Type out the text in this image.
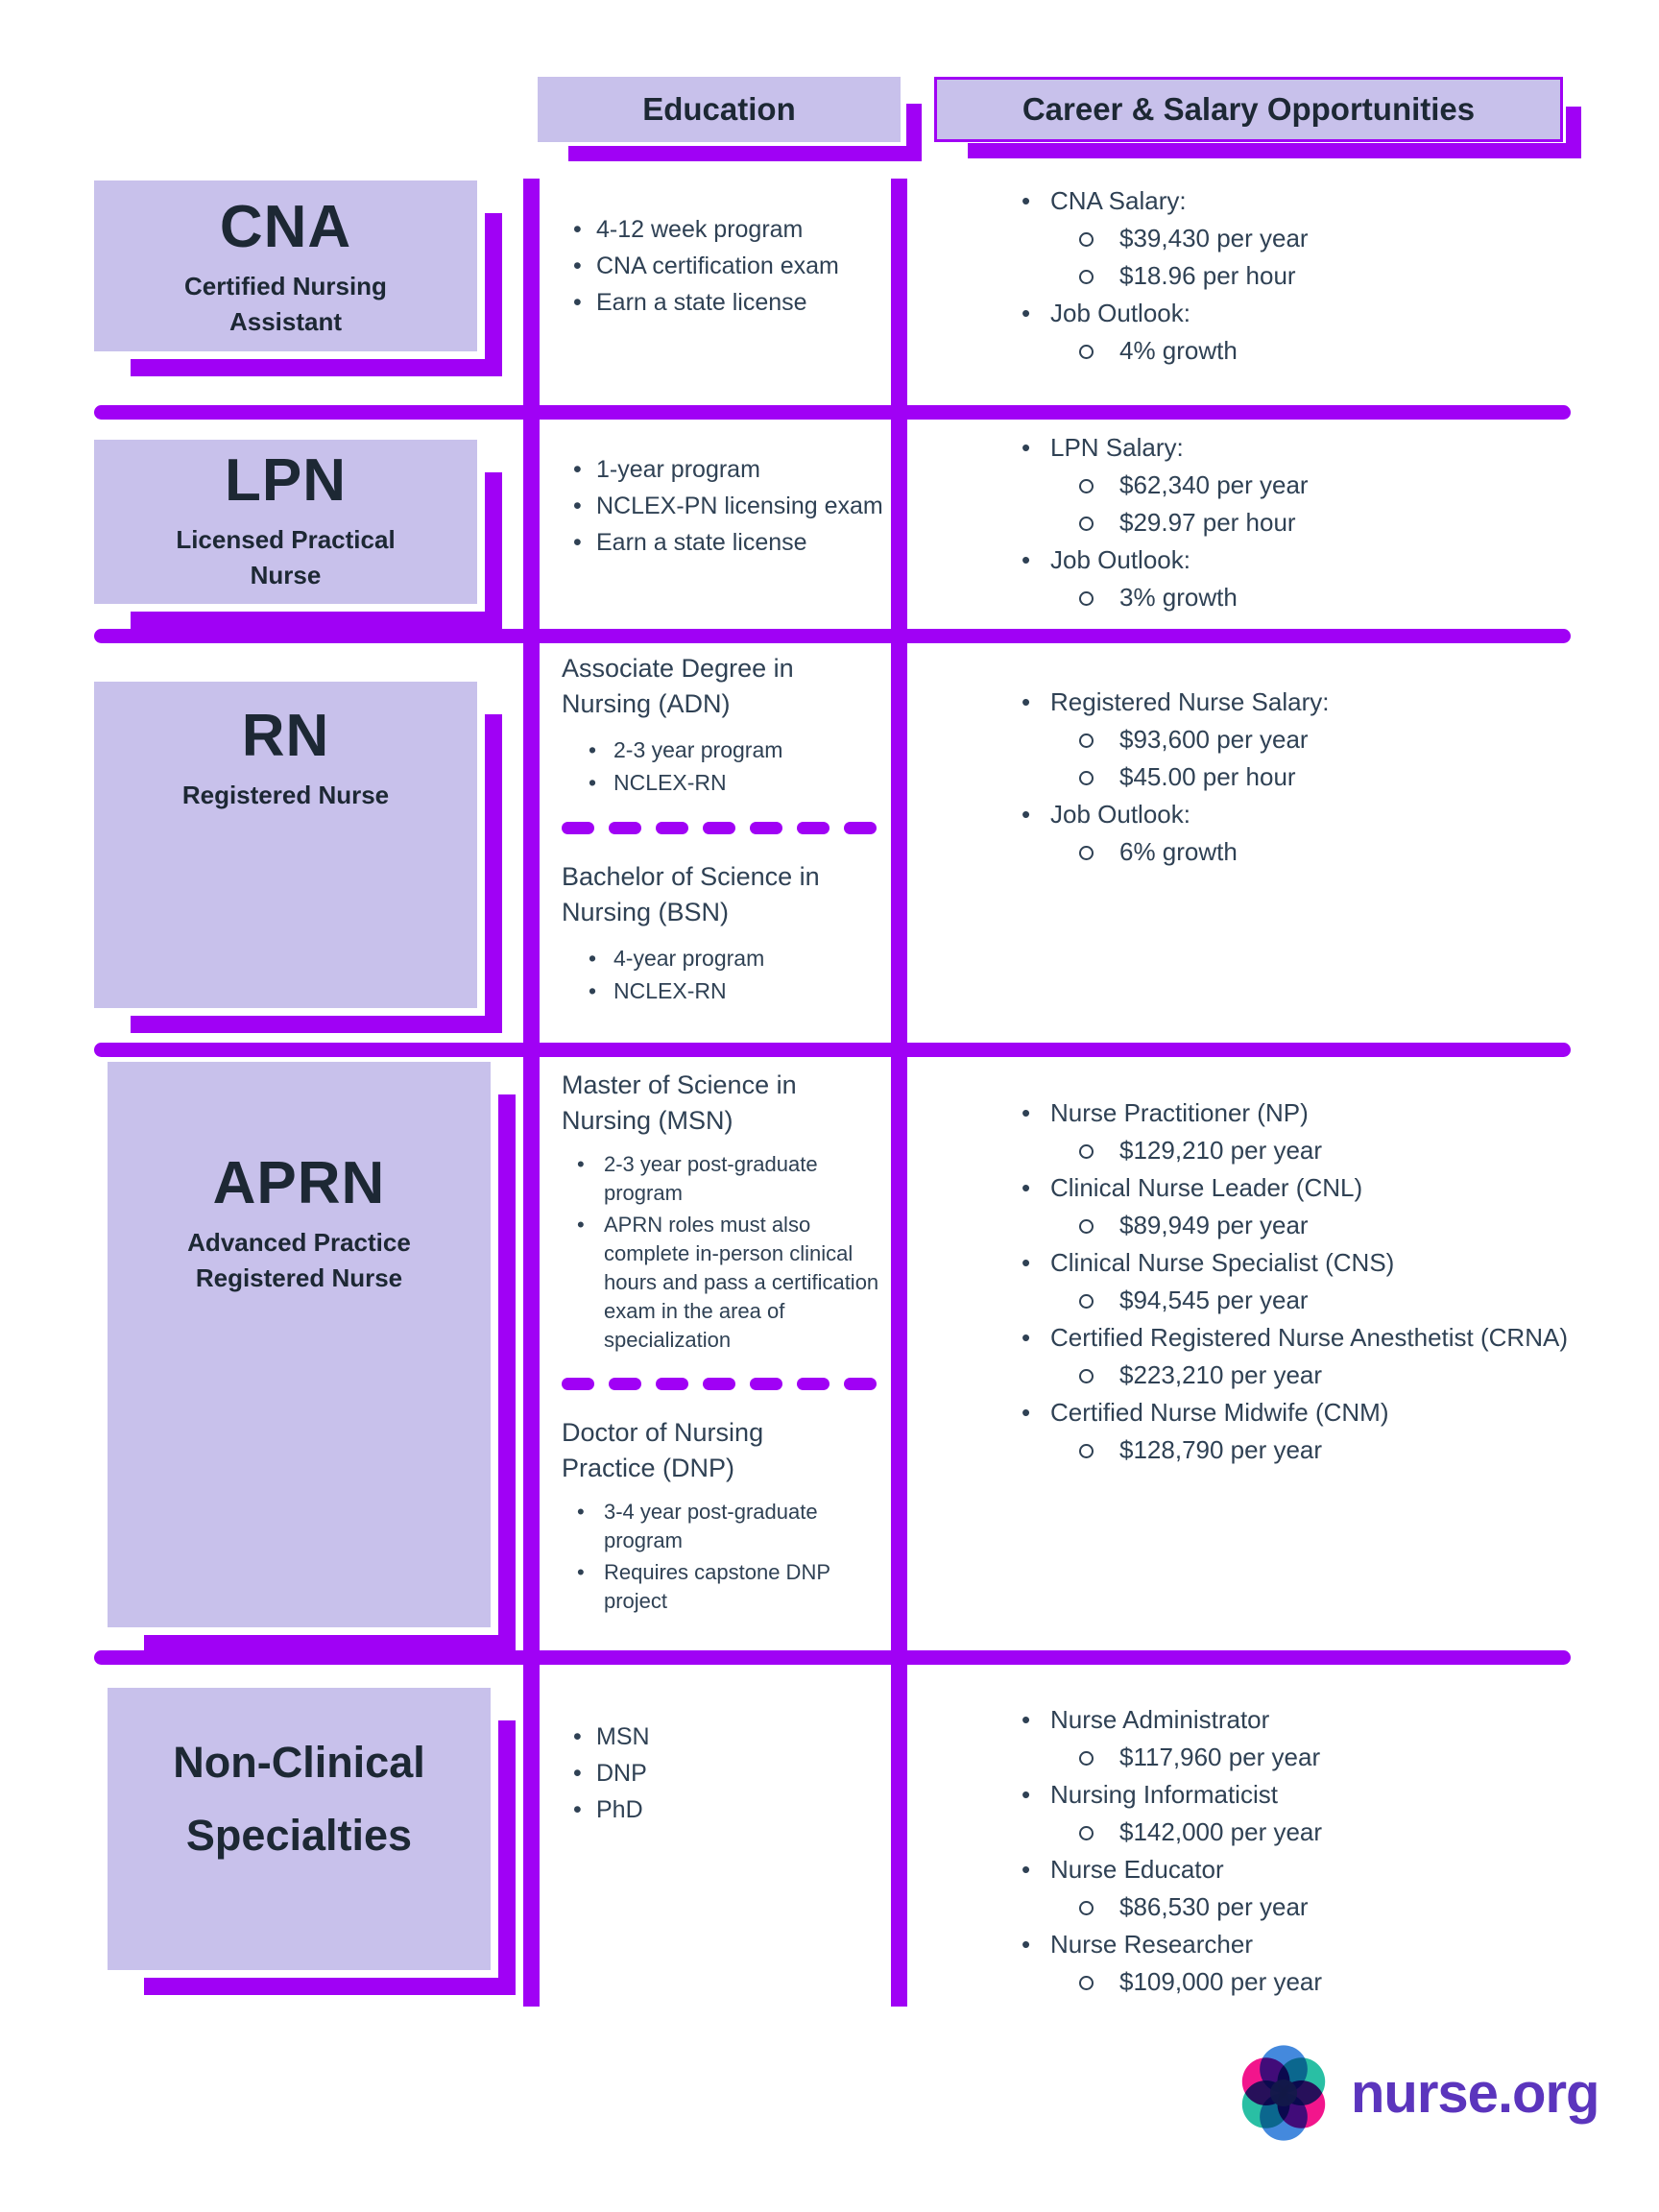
Education	Career & Salary Opportunities
CNA
Certified Nursing Assistant
• 4-12 week program
• CNA certification exam
• Earn a state license
• CNA Salary:
$39,430 per year
$18.96 per hour
• Job Outlook:
4% growth
LPN
Licensed Practical Nurse
• 1-year program
• NCLEX-PN licensing exam
• Earn a state license
• LPN Salary:
$62,340 per year
$29.97 per hour
• Job Outlook:
3% growth
RN
Registered Nurse
Associate Degree in Nursing (ADN)
• 2-3 year program
• NCLEX-RN
Bachelor of Science in Nursing (BSN)
• 4-year program
• NCLEX-RN
• Registered Nurse Salary:
$93,600 per year
$45.00 per hour
• Job Outlook:
6% growth
APRN
Advanced Practice Registered Nurse
Master of Science in Nursing (MSN)
• 2-3 year post-graduate program
• APRN roles must also complete in-person clinical hours and pass a certification exam in the area of specialization
Doctor of Nursing Practice (DNP)
• 3-4 year post-graduate program
• Requires capstone DNP project
• Nurse Practitioner (NP)
$129,210 per year
• Clinical Nurse Leader (CNL)
$89,949 per year
• Clinical Nurse Specialist (CNS)
$94,545 per year
• Certified Registered Nurse Anesthetist (CRNA)
$223,210 per year
• Certified Nurse Midwife (CNM)
$128,790 per year
Non-Clinical Specialties
• MSN
• DNP
• PhD
• Nurse Administrator
$117,960 per year
• Nursing Informaticist
$142,000 per year
• Nurse Educator
$86,530 per year
• Nurse Researcher
$109,000 per year
nurse.org
